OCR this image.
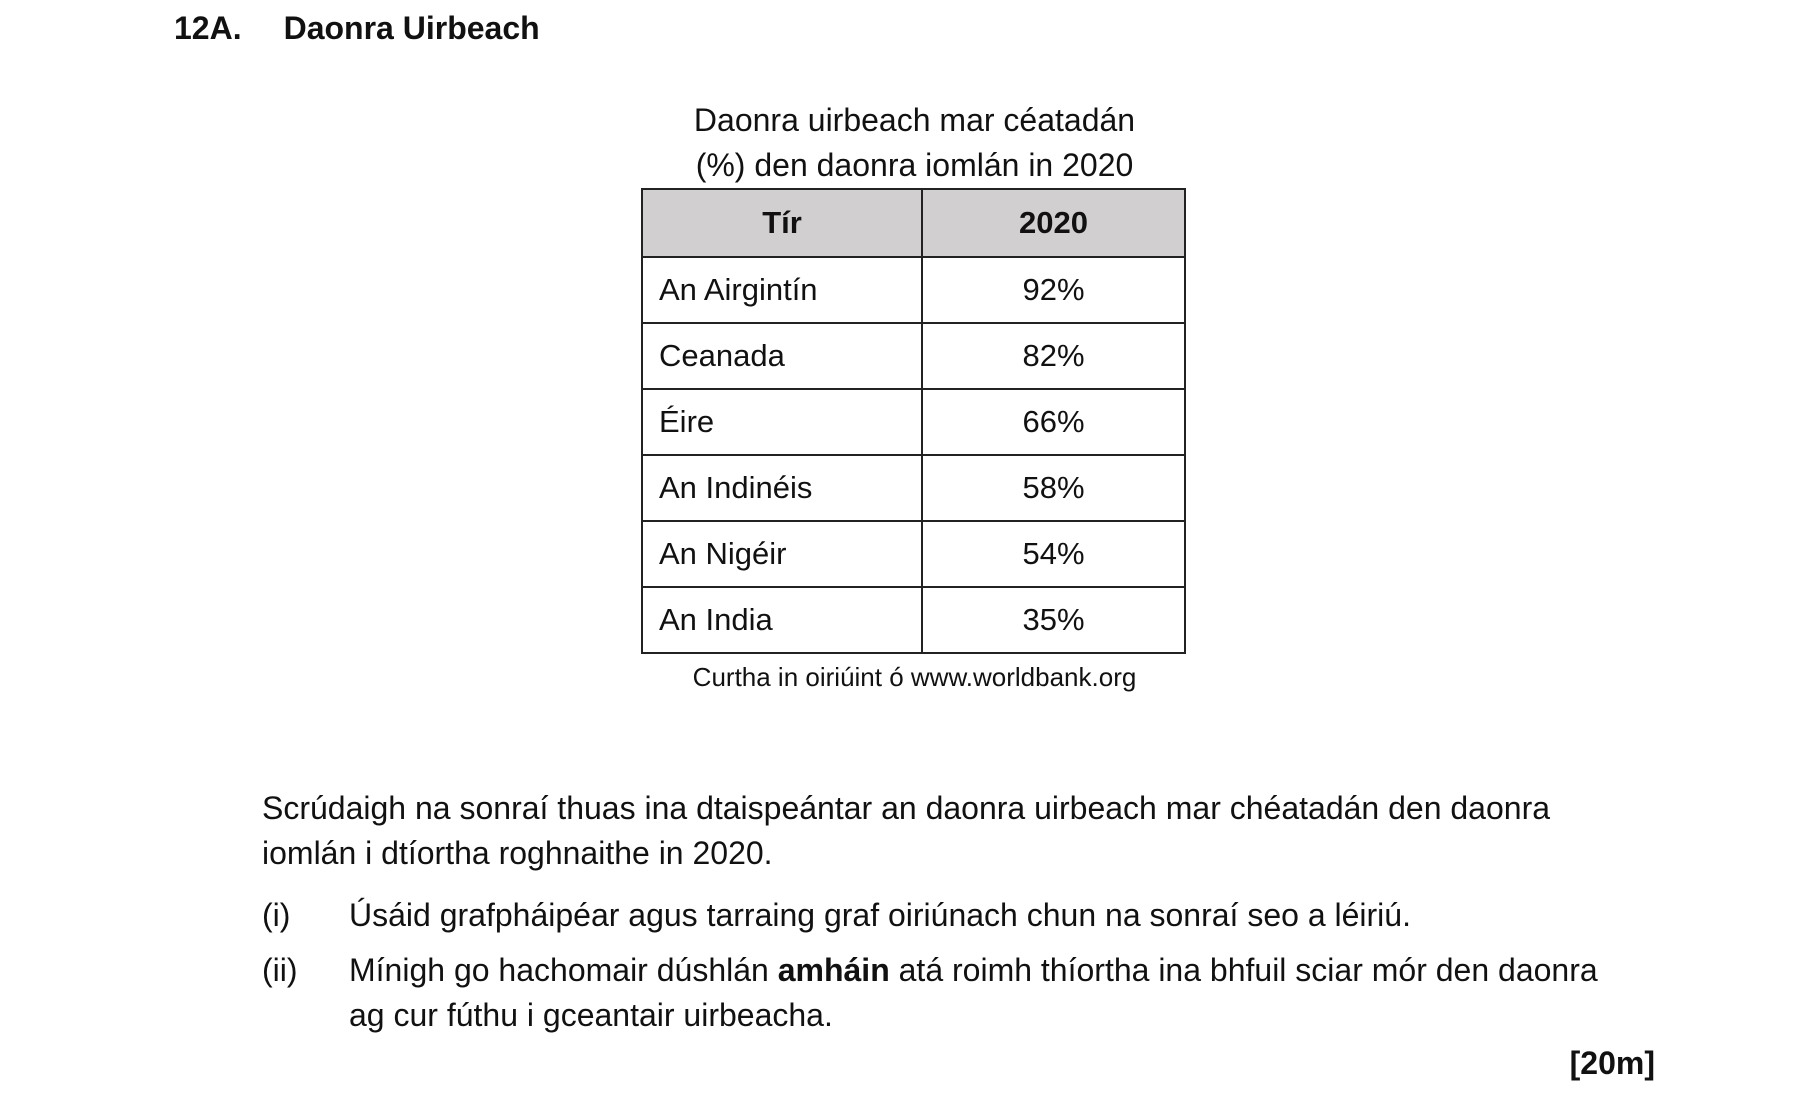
12A. Daonra Uirbeach
Daonra uirbeach mar céatadán
(%) den daonra iomlán in 2020
Tír	2020
An Airgintín	92%
Ceanada	82%
Éire	66%
An Indinéis	58%
An Nigéir	54%
An India	35%
Curtha in oiriúint ó www.worldbank.org
Scrúdaigh na sonraí thuas ina dtaispeántar an daonra uirbeach mar chéatadán den daonra iomlán i dtíortha roghnaithe in 2020.
(i)	Úsáid grafpháipéar agus tarraing graf oiriúnach chun na sonraí seo a léiriú.
(ii)	Mínigh go hachomair dúshlán amháin atá roimh thíortha ina bhfuil sciar mór den daonra ag cur fúthu i gceantair uirbeacha.
[20m]
